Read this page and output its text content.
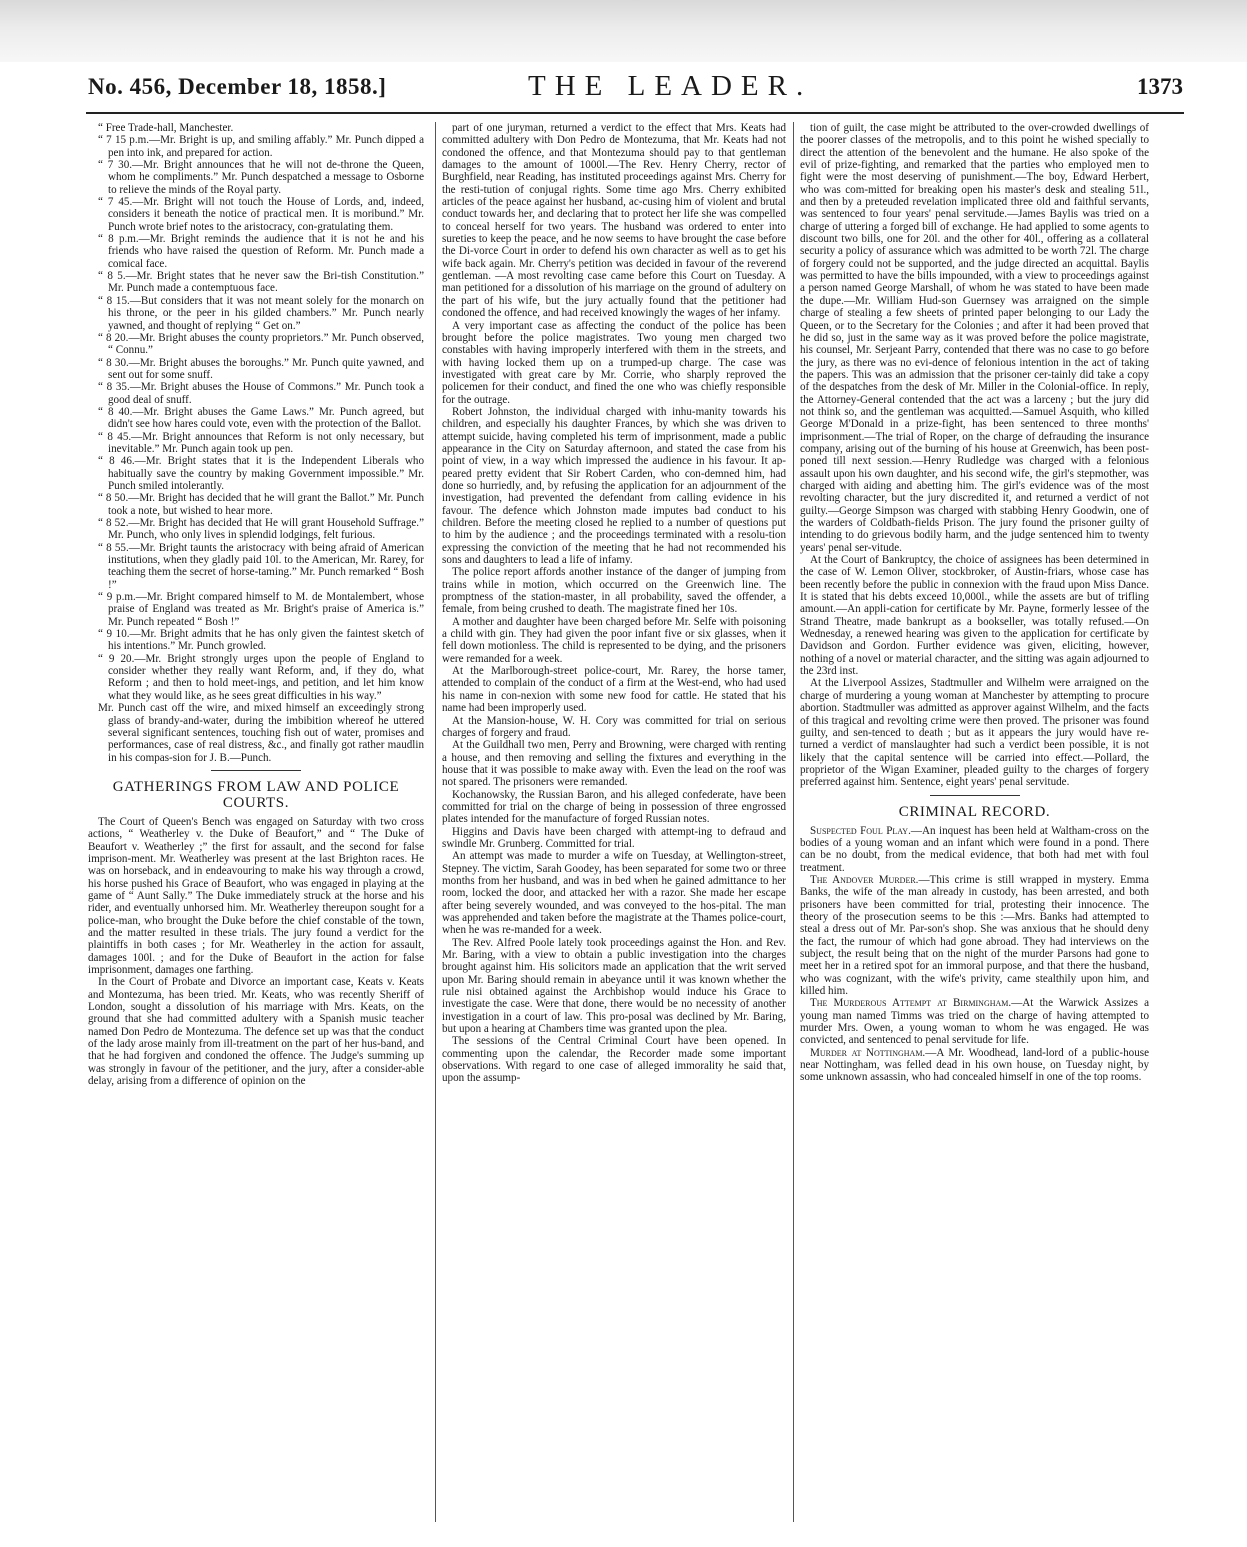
No. 456, December 18, 1858.]	THE LEADER.	1373

“ Free Trade-hall, Manchester.

“ 7 15 p.m.—Mr. Bright is up, and smiling affably.” Mr. Punch dipped a pen into ink, and prepared for action.

“ 7 30.—Mr. Bright announces that he will not de-throne the Queen, whom he compliments.” Mr. Punch despatched a message to Osborne to relieve the minds of the Royal party.

“ 7 45.—Mr. Bright will not touch the House of Lords, and, indeed, considers it beneath the notice of practical men. It is moribund.” Mr. Punch wrote brief notes to the aristocracy, con-gratulating them.

“ 8 p.m.—Mr. Bright reminds the audience that it is not he and his friends who have raised the question of Reform. Mr. Punch made a comical face.

“ 8 5.—Mr. Bright states that he never saw the Bri-tish Constitution.” Mr. Punch made a contemptuous face.

“ 8 15.—But considers that it was not meant solely for the monarch on his throne, or the peer in his gilded chambers.” Mr. Punch nearly yawned, and thought of replying “ Get on.”

“ 8 20.—Mr. Bright abuses the county proprietors.” Mr. Punch observed, “ Connu.”

“ 8 30.—Mr. Bright abuses the boroughs.” Mr. Punch quite yawned, and sent out for some snuff.

“ 8 35.—Mr. Bright abuses the House of Commons.” Mr. Punch took a good deal of snuff.

“ 8 40.—Mr. Bright abuses the Game Laws.” Mr. Punch agreed, but didn't see how hares could vote, even with the protection of the Ballot.

“ 8 45.—Mr. Bright announces that Reform is not only necessary, but inevitable.” Mr. Punch again took up pen.

“ 8 46.—Mr. Bright states that it is the Independent Liberals who habitually save the country by making Government impossible.” Mr. Punch smiled intolerantly.

“ 8 50.—Mr. Bright has decided that he will grant the Ballot.” Mr. Punch took a note, but wished to hear more.

“ 8 52.—Mr. Bright has decided that He will grant Household Suffrage.” Mr. Punch, who only lives in splendid lodgings, felt furious.

“ 8 55.—Mr. Bright taunts the aristocracy with being afraid of American institutions, when they gladly paid 10l. to the American, Mr. Rarey, for teaching them the secret of horse-taming.” Mr. Punch remarked “ Bosh !”

“ 9 p.m.—Mr. Bright compared himself to M. de Montalembert, whose praise of England was treated as Mr. Bright's praise of America is.” Mr. Punch repeated “ Bosh !”

“ 9 10.—Mr. Bright admits that he has only given the faintest sketch of his intentions.” Mr. Punch growled.

“ 9 20.—Mr. Bright strongly urges upon the people of England to consider whether they really want Reform, and, if they do, what Reform ; and then to hold meet-ings, and petition, and let him know what they would like, as he sees great difficulties in his way.”

Mr. Punch cast off the wire, and mixed himself an exceedingly strong glass of brandy-and-water, during the imbibition whereof he uttered several significant sentences, touching fish out of water, promises and performances, case of real distress, &c., and finally got rather maudlin in his compas-sion for J. B.—Punch.

GATHERINGS FROM LAW AND POLICE COURTS.

The Court of Queen's Bench was engaged on Saturday with two cross actions, “ Weatherley v. the Duke of Beaufort,” and “ The Duke of Beaufort v. Weatherley ;” the first for assault, and the second for false imprison-ment. Mr. Weatherley was present at the last Brighton races. He was on horseback, and in endeavouring to make his way through a crowd, his horse pushed his Grace of Beaufort, who was engaged in playing at the game of “ Aunt Sally.” The Duke immediately struck at the horse and his rider, and eventually unhorsed him. Mr. Weatherley thereupon sought for a police-man, who brought the Duke before the chief constable of the town, and the matter resulted in these trials. The jury found a verdict for the plaintiffs in both cases ; for Mr. Weatherley in the action for assault, damages 100l. ; and for the Duke of Beaufort in the action for false imprisonment, damages one farthing.

In the Court of Probate and Divorce an important case, Keats v. Keats and Montezuma, has been tried. Mr. Keats, who was recently Sheriff of London, sought a dissolution of his marriage with Mrs. Keats, on the ground that she had committed adultery with a Spanish music teacher named Don Pedro de Montezuma. The defence set up was that the conduct of the lady arose mainly from ill-treatment on the part of her hus-band, and that he had forgiven and condoned the offence. The Judge's summing up was strongly in favour of the petitioner, and the jury, after a consider-able delay, arising from a difference of opinion on the

part of one juryman, returned a verdict to the effect that Mrs. Keats had committed adultery with Don Pedro de Montezuma, that Mr. Keats had not condoned the offence, and that Montezuma should pay to that gentleman damages to the amount of 1000l.—The Rev. Henry Cherry, rector of Burghfield, near Reading, has instituted proceedings against Mrs. Cherry for the resti-tution of conjugal rights. Some time ago Mrs. Cherry exhibited articles of the peace against her husband, ac-cusing him of violent and brutal conduct towards her, and declaring that to protect her life she was compelled to conceal herself for two years. The husband was ordered to enter into sureties to keep the peace, and he now seems to have brought the case before the Di-vorce Court in order to defend his own character as well as to get his wife back again. Mr. Cherry's petition was decided in favour of the reverend gentleman. —A most revolting case came before this Court on Tuesday. A man petitioned for a dissolution of his marriage on the ground of adultery on the part of his wife, but the jury actually found that the petitioner had condoned the offence, and had received knowingly the wages of her infamy.

A very important case as affecting the conduct of the police has been brought before the police magistrates. Two young men charged two constables with having improperly interfered with them in the streets, and with having locked them up on a trumped-up charge. The case was investigated with great care by Mr. Corrie, who sharply reproved the policemen for their conduct, and fined the one who was chiefly responsible for the outrage.

Robert Johnston, the individual charged with inhu-manity towards his children, and especially his daughter Frances, by which she was driven to attempt suicide, having completed his term of imprisonment, made a public appearance in the City on Saturday afternoon, and stated the case from his point of view, in a way which impressed the audience in his favour. It ap-peared pretty evident that Sir Robert Carden, who con-demned him, had done so hurriedly, and, by refusing the application for an adjournment of the investigation, had prevented the defendant from calling evidence in his favour. The defence which Johnston made imputes bad conduct to his children. Before the meeting closed he replied to a number of questions put to him by the audience ; and the proceedings terminated with a resolu-tion expressing the conviction of the meeting that he had not recommended his sons and daughters to lead a life of infamy.

The police report affords another instance of the danger of jumping from trains while in motion, which occurred on the Greenwich line. The promptness of the station-master, in all probability, saved the offender, a female, from being crushed to death. The magistrate fined her 10s.

A mother and daughter have been charged before Mr. Selfe with poisoning a child with gin. They had given the poor infant five or six glasses, when it fell down motionless. The child is represented to be dying, and the prisoners were remanded for a week.

At the Marlborough-street police-court, Mr. Rarey, the horse tamer, attended to complain of the conduct of a firm at the West-end, who had used his name in con-nexion with some new food for cattle. He stated that his name had been improperly used.

At the Mansion-house, W. H. Cory was committed for trial on serious charges of forgery and fraud.

At the Guildhall two men, Perry and Browning, were charged with renting a house, and then removing and selling the fixtures and everything in the house that it was possible to make away with. Even the lead on the roof was not spared. The prisoners were remanded.

Kochanowsky, the Russian Baron, and his alleged confederate, have been committed for trial on the charge of being in possession of three engrossed plates intended for the manufacture of forged Russian notes.

Higgins and Davis have been charged with attempt-ing to defraud and swindle Mr. Grunberg. Committed for trial.

An attempt was made to murder a wife on Tuesday, at Wellington-street, Stepney. The victim, Sarah Goodey, has been separated for some two or three months from her husband, and was in bed when he gained admittance to her room, locked the door, and attacked her with a razor. She made her escape after being severely wounded, and was conveyed to the hos-pital. The man was apprehended and taken before the magistrate at the Thames police-court, when he was re-manded for a week.

The Rev. Alfred Poole lately took proceedings against the Hon. and Rev. Mr. Baring, with a view to obtain a public investigation into the charges brought against him. His solicitors made an application that the writ served upon Mr. Baring should remain in abeyance until it was known whether the rule nisi obtained against the Archbishop would induce his Grace to investigate the case. Were that done, there would be no necessity of another investigation in a court of law. This pro-posal was declined by Mr. Baring, but upon a hearing at Chambers time was granted upon the plea.

The sessions of the Central Criminal Court have been opened. In commenting upon the calendar, the Recorder made some important observations. With regard to one case of alleged immorality he said that, upon the assump-

tion of guilt, the case might be attributed to the over-crowded dwellings of the poorer classes of the metropolis, and to this point he wished specially to direct the attention of the benevolent and the humane. He also spoke of the evil of prize-fighting, and remarked that the parties who employed men to fight were the most deserving of punishment.—The boy, Edward Herbert, who was com-mitted for breaking open his master's desk and stealing 51l., and then by a preteuded revelation implicated three old and faithful servants, was sentenced to four years' penal servitude.—James Baylis was tried on a charge of uttering a forged bill of exchange. He had applied to some agents to discount two bills, one for 20l. and the other for 40l., offering as a collateral security a policy of assurance which was admitted to be worth 72l. The charge of forgery could not be supported, and the judge directed an acquittal. Baylis was permitted to have the bills impounded, with a view to proceedings against a person named George Marshall, of whom he was stated to have been made the dupe.—Mr. William Hud-son Guernsey was arraigned on the simple charge of stealing a few sheets of printed paper belonging to our Lady the Queen, or to the Secretary for the Colonies ; and after it had been proved that he did so, just in the same way as it was proved before the police magistrate, his counsel, Mr. Serjeant Parry, contended that there was no case to go before the jury, as there was no evi-dence of felonious intention in the act of taking the papers. This was an admission that the prisoner cer-tainly did take a copy of the despatches from the desk of Mr. Miller in the Colonial-office. In reply, the Attorney-General contended that the act was a larceny ; but the jury did not think so, and the gentleman was acquitted.—Samuel Asquith, who killed George M'Donald in a prize-fight, has been sentenced to three months' imprisonment.—The trial of Roper, on the charge of defrauding the insurance company, arising out of the burning of his house at Greenwich, has been post-poned till next session.—Henry Rudledge was charged with a felonious assault upon his own daughter, and his second wife, the girl's stepmother, was charged with aiding and abetting him. The girl's evidence was of the most revolting character, but the jury discredited it, and returned a verdict of not guilty.—George Simpson was charged with stabbing Henry Goodwin, one of the warders of Coldbath-fields Prison. The jury found the prisoner guilty of intending to do grievous bodily harm, and the judge sentenced him to twenty years' penal ser-vitude.

At the Court of Bankruptcy, the choice of assignees has been determined in the case of W. Lemon Oliver, stockbroker, of Austin-friars, whose case has been recently before the public in connexion with the fraud upon Miss Dance. It is stated that his debts exceed 10,000l., while the assets are but of trifling amount.—An appli-cation for certificate by Mr. Payne, formerly lessee of the Strand Theatre, made bankrupt as a bookseller, was totally refused.—On Wednesday, a renewed hearing was given to the application for certificate by Davidson and Gordon. Further evidence was given, eliciting, however, nothing of a novel or material character, and the sitting was again adjourned to the 23rd inst.

At the Liverpool Assizes, Stadtmuller and Wilhelm were arraigned on the charge of murdering a young woman at Manchester by attempting to procure abortion. Stadtmuller was admitted as approver against Wilhelm, and the facts of this tragical and revolting crime were then proved. The prisoner was found guilty, and sen-tenced to death ; but as it appears the jury would have re-turned a verdict of manslaughter had such a verdict been possible, it is not likely that the capital sentence will be carried into effect.—Pollard, the proprietor of the Wigan Examiner, pleaded guilty to the charges of forgery preferred against him. Sentence, eight years' penal servitude.

CRIMINAL RECORD.

Suspected Foul Play.—An inquest has been held at Waltham-cross on the bodies of a young woman and an infant which were found in a pond. There can be no doubt, from the medical evidence, that both had met with foul treatment.

The Andover Murder.—This crime is still wrapped in mystery. Emma Banks, the wife of the man already in custody, has been arrested, and both prisoners have been committed for trial, protesting their innocence. The theory of the prosecution seems to be this :—Mrs. Banks had attempted to steal a dress out of Mr. Par-son's shop. She was anxious that he should deny the fact, the rumour of which had gone abroad. They had interviews on the subject, the result being that on the night of the murder Parsons had gone to meet her in a retired spot for an immoral purpose, and that there the husband, who was cognizant, with the wife's privity, came stealthily upon him, and killed him.

The Murderous Attempt at Birmingham.—At the Warwick Assizes a young man named Timms was tried on the charge of having attempted to murder Mrs. Owen, a young woman to whom he was engaged. He was convicted, and sentenced to penal servitude for life.

Murder at Nottingham.—A Mr. Woodhead, land-lord of a public-house near Nottingham, was felled dead in his own house, on Tuesday night, by some unknown assassin, who had concealed himself in one of the top rooms.
